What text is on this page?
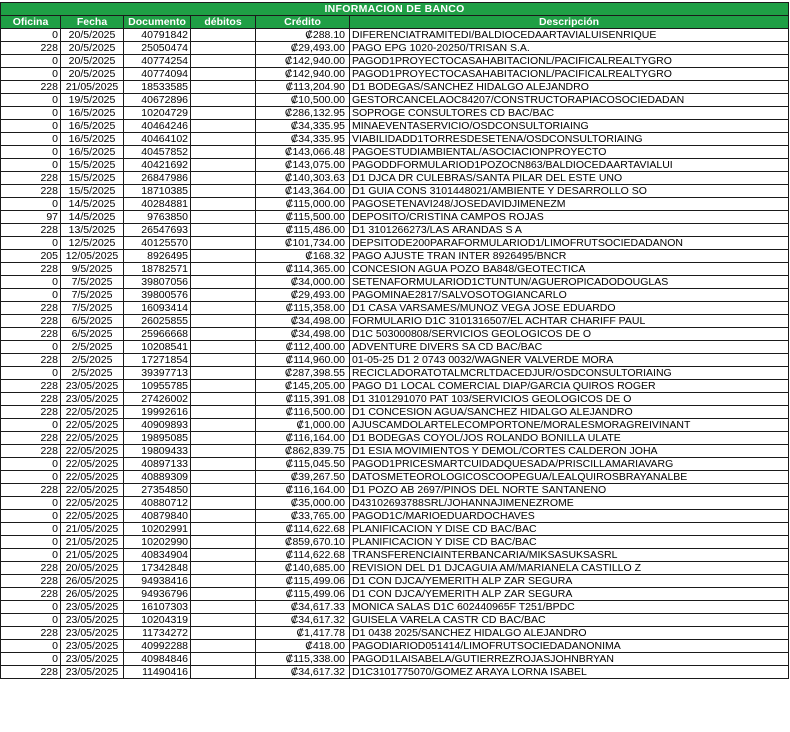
INFORMACION DE BANCO					
Oficina	Fecha	Documento	débitos	Crédito	Descripción
0	20/5/2025	40791842		₡288.10	DIFERENCIATRAMITEDI/BALDIOCEDAARTAVIALUISENRIQUE
228	20/5/2025	25050474		₡29,493.00	PAGO EPG 1020-20250/TRISAN S.A.
0	20/5/2025	40774254		₡142,940.00	PAGOD1PROYECTOCASAHABITACIONL/PACIFICALREALTYGRO
0	20/5/2025	40774094		₡142,940.00	PAGOD1PROYECTOCASAHABITACIONL/PACIFICALREALTYGRO
228	21/05/2025	18533585		₡113,204.90	D1 BODEGAS/SANCHEZ HIDALGO ALEJANDRO
0	19/5/2025	40672896		₡10,500.00	GESTORCANCELAOC84207/CONSTRUCTORAPIACOSOCIEDADAN
0	16/5/2025	10204729		₡286,132.95	SOPROGE CONSULTORES CD BAC/BAC
0	16/5/2025	40464246		₡34,335.95	MINAEVENTASERVICIO/OSDCONSULTORIAING
0	16/5/2025	40464102		₡34,335.95	VIABILIDADD1TORRESDESETENA/OSDCONSULTORIAING
0	16/5/2025	40457852		₡143,066.48	PAGOESTUDIAMBIENTAL/ASOCIACIONPROYECTO
0	15/5/2025	40421692		₡143,075.00	PAGODDFORMULARIOD1POZOCN863/BALDIOCEDAARTAVIALUI
228	15/5/2025	26847986		₡140,303.63	D1 DJCA DR CULEBRAS/SANTA PILAR DEL ESTE UNO
228	15/5/2025	18710385		₡143,364.00	D1 GUIA CONS 3101448021/AMBIENTE Y DESARROLLO SO
0	14/5/2025	40284881		₡115,000.00	PAGOSETENAVI248/JOSEDAVIDJIMENEZM
97	14/5/2025	9763850		₡115,500.00	DEPOSITO/CRISTINA CAMPOS ROJAS
228	13/5/2025	26547693		₡115,486.00	D1 3101266273/LAS ARANDAS S A
0	12/5/2025	40125570		₡101,734.00	DEPSITODE200PARAFORMULARIOD1/LIMOFRUTSOCIEDADANON
205	12/05/2025	8926495		₡168.32	PAGO AJUSTE TRAN INTER 8926495/BNCR
228	9/5/2025	18782571		₡114,365.00	CONCESION AGUA POZO BA848/GEOTECTICA
0	7/5/2025	39807056		₡34,000.00	SETENAFORMULARIOD1CTUNTUN/AGUEROPICADODOUGLAS
0	7/5/2025	39800576		₡29,493.00	PAGOMINAE2817/SALVOSOTOGIANCARLO
228	7/5/2025	16093414		₡115,358.00	D1 CASA VARSAMES/MUNOZ VEGA JOSE EDUARDO
228	6/5/2025	26025855		₡34,498.00	FORMULARIO D1C 3101316507/EL ACHTAR CHARIFF PAUL
228	6/5/2025	25966668		₡34,498.00	D1C 503000808/SERVICIOS GEOLOGICOS DE O
0	2/5/2025	10208541		₡112,400.00	ADVENTURE DIVERS SA CD BAC/BAC
228	2/5/2025	17271854		₡114,960.00	01-05-25 D1 2 0743 0032/WAGNER VALVERDE MORA
0	2/5/2025	39397713		₡287,398.55	RECICLADORATOTALMCRLTDACEDJUR/OSDCONSULTORIAING
228	23/05/2025	10955785		₡145,205.00	PAGO D1 LOCAL COMERCIAL DIAP/GARCIA QUIROS ROGER
228	23/05/2025	27426002		₡115,391.08	D1 3101291070 PAT 103/SERVICIOS GEOLOGICOS DE O
228	22/05/2025	19992616		₡116,500.00	D1 CONCESION AGUA/SANCHEZ HIDALGO ALEJANDRO
0	22/05/2025	40909893		₡1,000.00	AJUSCAMDOLARTELECOMPORTONE/MORALESMORAGREIVINANT
228	22/05/2025	19895085		₡116,164.00	D1 BODEGAS COYOL/JOS ROLANDO BONILLA ULATE
228	22/05/2025	19809433		₡862,839.75	D1 ESIA MOVIMIENTOS Y DEMOL/CORTES CALDERON JOHA
0	22/05/2025	40897133		₡115,045.50	PAGOD1PRICESMARTCUIDADQUESADA/PRISCILLAMARIAVARG
0	22/05/2025	40889309		₡39,267.50	DATOSMETEOROLOGICOSCOOPEGUA/LEALQUIROSBRAYANALBE
228	22/05/2025	27354850		₡116,164.00	D1 POZO AB 2697/PINOS DEL NORTE SANTANENO
0	22/05/2025	40880712		₡35,000.00	D43102693788SRL/JOHANNAJIMENEZROME
0	22/05/2025	40879840		₡33,765.00	PAGOD1C/MARIOEDUARDOCHAVES
0	21/05/2025	10202991		₡114,622.68	PLANIFICACION Y DISE CD BAC/BAC
0	21/05/2025	10202990		₡859,670.10	PLANIFICACION Y DISE CD BAC/BAC
0	21/05/2025	40834904		₡114,622.68	TRANSFERENCIAINTERBANCARIA/MIKSASUKSASRL
228	20/05/2025	17342848		₡140,685.00	REVISION DEL D1 DJCAGUIA AM/MARIANELA CASTILLO Z
228	26/05/2025	94938416		₡115,499.06	D1 CON DJCA/YEMERITH ALP ZAR SEGURA
228	26/05/2025	94936796		₡115,499.06	D1 CON DJCA/YEMERITH ALP ZAR SEGURA
0	23/05/2025	16107303		₡34,617.33	MONICA SALAS D1C 602440965F T251/BPDC
0	23/05/2025	10204319		₡34,617.32	GUISELA VARELA CASTR CD BAC/BAC
228	23/05/2025	11734272		₡1,417.78	D1 0438 2025/SANCHEZ HIDALGO ALEJANDRO
0	23/05/2025	40992288		₡418.00	PAGODIARIOD051414/LIMOFRUTSOCIEDADANONIMA
0	23/05/2025	40984846		₡115,338.00	PAGOD1LAISABELA/GUTIERREZROJASJOHNBRYAN
228	23/05/2025	11490416		₡34,617.32	D1C3101775070/GOMEZ ARAYA LORNA ISABEL
